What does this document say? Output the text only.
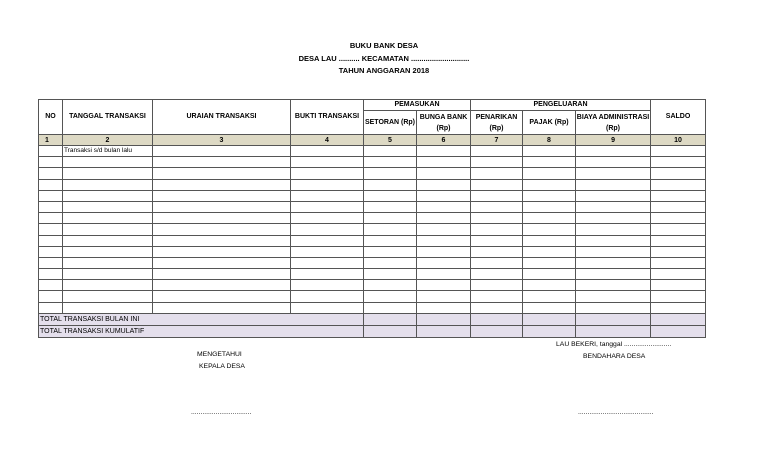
BUKU BANK DESA
DESA LAU .......... KECAMATAN ............................
TAHUN ANGGARAN 2018
NO	TANGGAL TRANSAKSI	URAIAN TRANSAKSI	BUKTI TRANSAKSI	PEMASUKAN		PENGELUARAN			SALDO
				SETORAN (Rp)	BUNGA BANK (Rp)	PENARIKAN (Rp)	PAJAK (Rp)	BIAYA ADMINISTRASI (Rp)	
1	2	3	4	5	6	7	8	9	10
	Transaksi s/d bulan lalu								

TOTAL TRANSAKSI BULAN INI									
TOTAL TRANSAKSI KUMULATIF									
MENGETAHUI
KEPALA DESA
................................
LAU BEKERI, tanggal .........................
BENDAHARA DESA
........................................
